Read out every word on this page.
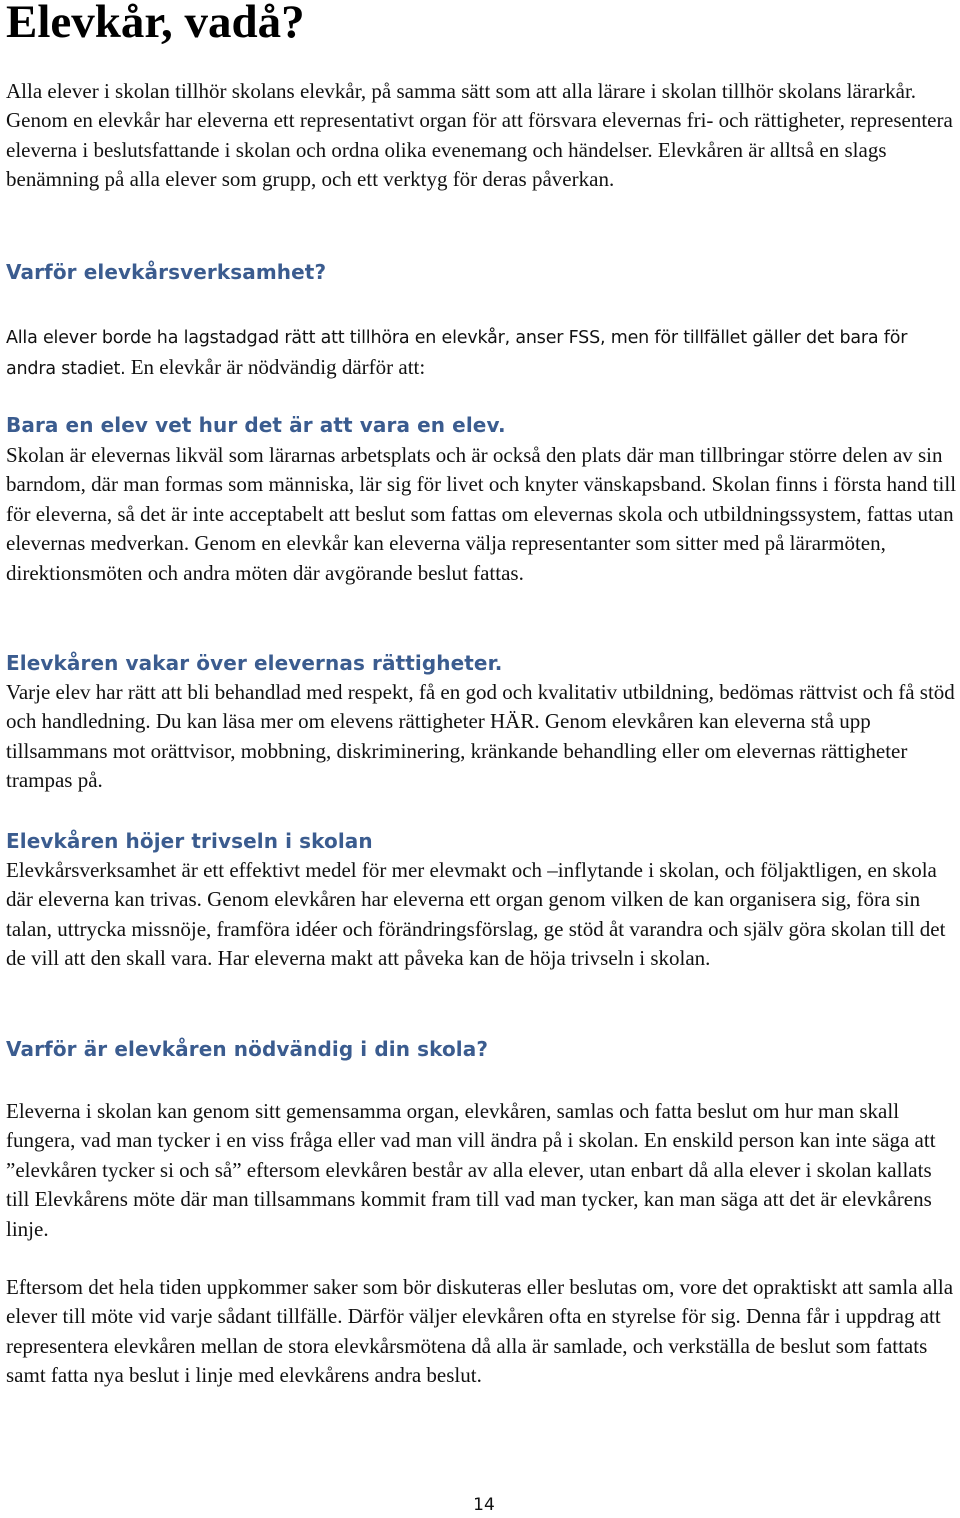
Elevkår, vadå?

Alla elever i skolan tillhör skolans elevkår, på samma sätt som att alla lärare i skolan tillhör skolans lärarkår. Genom en elevkår har eleverna ett representativt organ för att försvara elevernas fri- och rättigheter, representera eleverna i beslutsfattande i skolan och ordna olika evenemang och händelser. Elevkåren är alltså en slags benämning på alla elever som grupp, och ett verktyg för deras påverkan.

Varför elevkårsverksamhet?

Alla elever borde ha lagstadgad rätt att tillhöra en elevkår, anser FSS, men för tillfället gäller det bara för andra stadiet. En elevkår är nödvändig därför att:

Bara en elev vet hur det är att vara en elev.

Skolan är elevernas likväl som lärarnas arbetsplats och är också den plats där man tillbringar större delen av sin barndom, där man formas som människa, lär sig för livet och knyter vänskapsband. Skolan finns i första hand till för eleverna, så det är inte acceptabelt att beslut som fattas om elevernas skola och utbildningssystem, fattas utan elevernas medverkan. Genom en elevkår kan eleverna välja representanter som sitter med på lärarmöten, direktionsmöten och andra möten där avgörande beslut fattas.

Elevkåren vakar över elevernas rättigheter.

Varje elev har rätt att bli behandlad med respekt, få en god och kvalitativ utbildning, bedömas rättvist och få stöd och handledning. Du kan läsa mer om elevens rättigheter HÄR. Genom elevkåren kan eleverna stå upp tillsammans mot orättvisor, mobbning, diskriminering, kränkande behandling eller om elevernas rättigheter trampas på.

Elevkåren höjer trivseln i skolan

Elevkårsverksamhet är ett effektivt medel för mer elevmakt och –inflytande i skolan, och följaktligen, en skola där eleverna kan trivas. Genom elevkåren har eleverna ett organ genom vilken de kan organisera sig, föra sin talan, uttrycka missnöje, framföra idéer och förändringsförslag, ge stöd åt varandra och själv göra skolan till det de vill att den skall vara. Har eleverna makt att påveka kan de höja trivseln i skolan.

Varför är elevkåren nödvändig i din skola?

Eleverna i skolan kan genom sitt gemensamma organ, elevkåren, samlas och fatta beslut om hur man skall fungera, vad man tycker i en viss fråga eller vad man vill ändra på i skolan. En enskild person kan inte säga att ”elevkåren tycker si och så” eftersom elevkåren består av alla elever, utan enbart då alla elever i skolan kallats till Elevkårens möte där man tillsammans kommit fram till vad man tycker, kan man säga att det är elevkårens linje.

Eftersom det hela tiden uppkommer saker som bör diskuteras eller beslutas om, vore det opraktiskt att samla alla elever till möte vid varje sådant tillfälle. Därför väljer elevkåren ofta en styrelse för sig. Denna får i uppdrag att representera elevkåren mellan de stora elevkårsmötena då alla är samlade, och verkställa de beslut som fattats samt fatta nya beslut i linje med elevkårens andra beslut.

14
